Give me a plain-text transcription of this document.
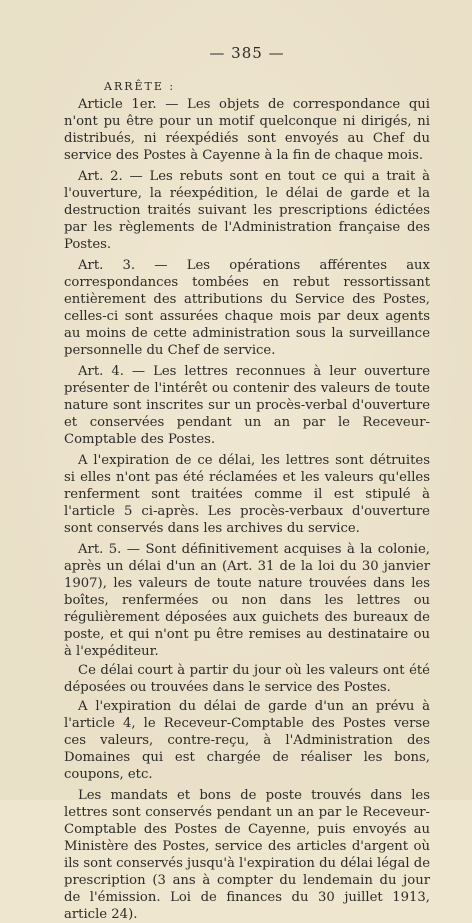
— 385 —
ARRÊTE :

Article 1er. — Les objets de correspondance qui n'ont pu être pour un motif quelconque ni dirigés, ni distribués, ni réexpédiés sont envoyés au Chef du service des Postes à Cayenne à la fin de chaque mois.

Art. 2. — Les rebuts sont en tout ce qui a trait à l'ouverture, la réexpédition, le délai de garde et la destruction traités suivant les prescriptions édictées par les règlements de l'Administration française des Postes.

Art. 3. — Les opérations afférentes aux correspondances tombées en rebut ressortissant entièrement des attributions du Service des Postes, celles-ci sont assurées chaque mois par deux agents au moins de cette administration sous la surveillance personnelle du Chef de service.

Art. 4. — Les lettres reconnues à leur ouverture présenter de l'intérêt ou contenir des valeurs de toute nature sont inscrites sur un procès-verbal d'ouverture et conservées pendant un an par le Receveur-Comptable des Postes.

A l'expiration de ce délai, les lettres sont détruites si elles n'ont pas été réclamées et les valeurs qu'elles renferment sont traitées comme il est stipulé à l'article 5 ci-après. Les procès-verbaux d'ouverture sont conservés dans les archives du service.

Art. 5. — Sont définitivement acquises à la colonie, après un délai d'un an (Art. 31 de la loi du 30 janvier 1907), les valeurs de toute nature trouvées dans les boîtes, renfermées ou non dans les lettres ou régulièrement déposées aux guichets des bureaux de poste, et qui n'ont pu être remises au destinataire ou à l'expéditeur.

Ce délai court à partir du jour où les valeurs ont été déposées ou trouvées dans le service des Postes.

A l'expiration du délai de garde d'un an prévu à l'article 4, le Receveur-Comptable des Postes verse ces valeurs, contre-reçu, à l'Administration des Domaines qui est chargée de réaliser les bons, coupons, etc.

Les mandats et bons de poste trouvés dans les lettres sont conservés pendant un an par le Receveur-Comptable des Postes de Cayenne, puis envoyés au Ministère des Postes, service des articles d'argent où ils sont conservés jusqu'à l'expiration du délai légal de prescription (3 ans à compter du lendemain du jour de l'émission. Loi de finances du 30 juillet 1913, article 24).
